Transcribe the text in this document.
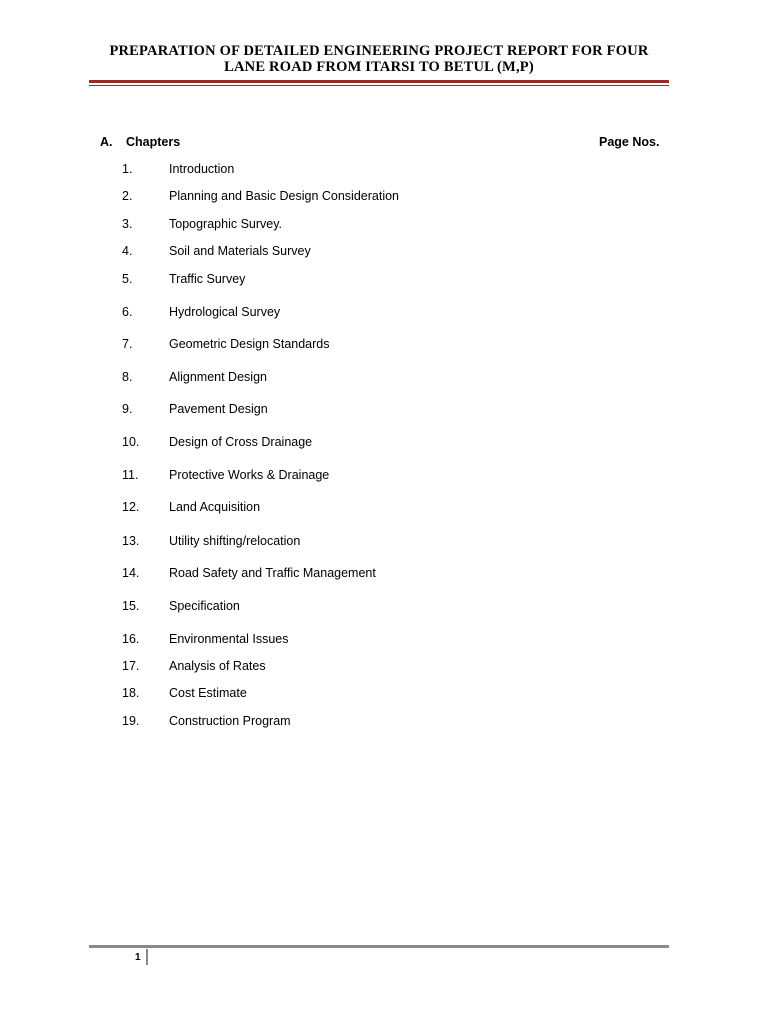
PREPARATION OF DETAILED ENGINEERING PROJECT REPORT FOR FOUR
LANE ROAD FROM ITARSI TO BETUL (M,P)
A. Chapters	Page Nos.
1.	Introduction
2.	Planning and Basic Design Consideration
3.	Topographic Survey.
4.	Soil and Materials Survey
5.	Traffic Survey
6.	Hydrological Survey
7.	Geometric Design Standards
8.	Alignment Design
9.	Pavement Design
10. Design of Cross Drainage
11. Protective Works & Drainage
12. Land Acquisition
13. Utility shifting/relocation
14. Road Safety and Traffic Management
15. Specification
16. Environmental Issues
17. Analysis of Rates
18. Cost Estimate
19. Construction Program
1
